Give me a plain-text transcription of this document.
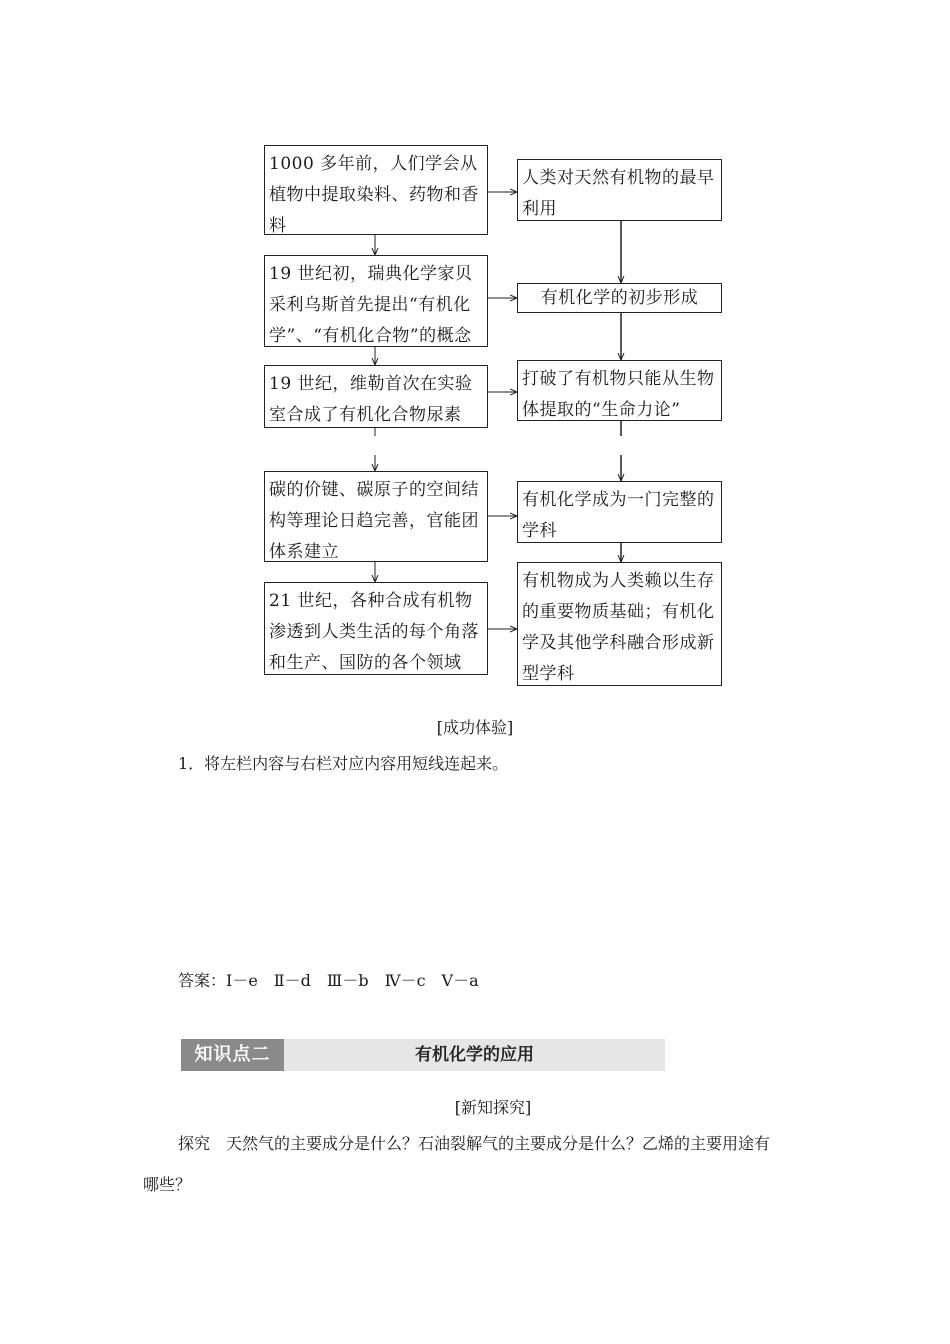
1000 多年前，人们学会从植物中提取染料、药物和香料
19 世纪初，瑞典化学家贝采利乌斯首先提出“有机化学”、“有机化合物”的概念
19 世纪，维勒首次在实验室合成了有机化合物尿素
碳的价键、碳原子的空间结构等理论日趋完善，官能团体系建立
21 世纪，各种合成有机物渗透到人类生活的每个角落和生产、国防的各个领域
人类对天然有机物的最早利用
有机化学的初步形成
打破了有机物只能从生物体提取的“生命力论”
有机化学成为一门完整的学科
有机物成为人类赖以生存的重要物质基础；有机化学及其他学科融合形成新型学科
[成功体验]
1．将左栏内容与右栏对应内容用短线连起来。
答案：Ⅰ－e　Ⅱ－d　Ⅲ－b　Ⅳ－c　Ⅴ－a
知识点二	有机化学的应用
[新知探究]
探究　天然气的主要成分是什么？石油裂解气的主要成分是什么？乙烯的主要用途有
哪些？
